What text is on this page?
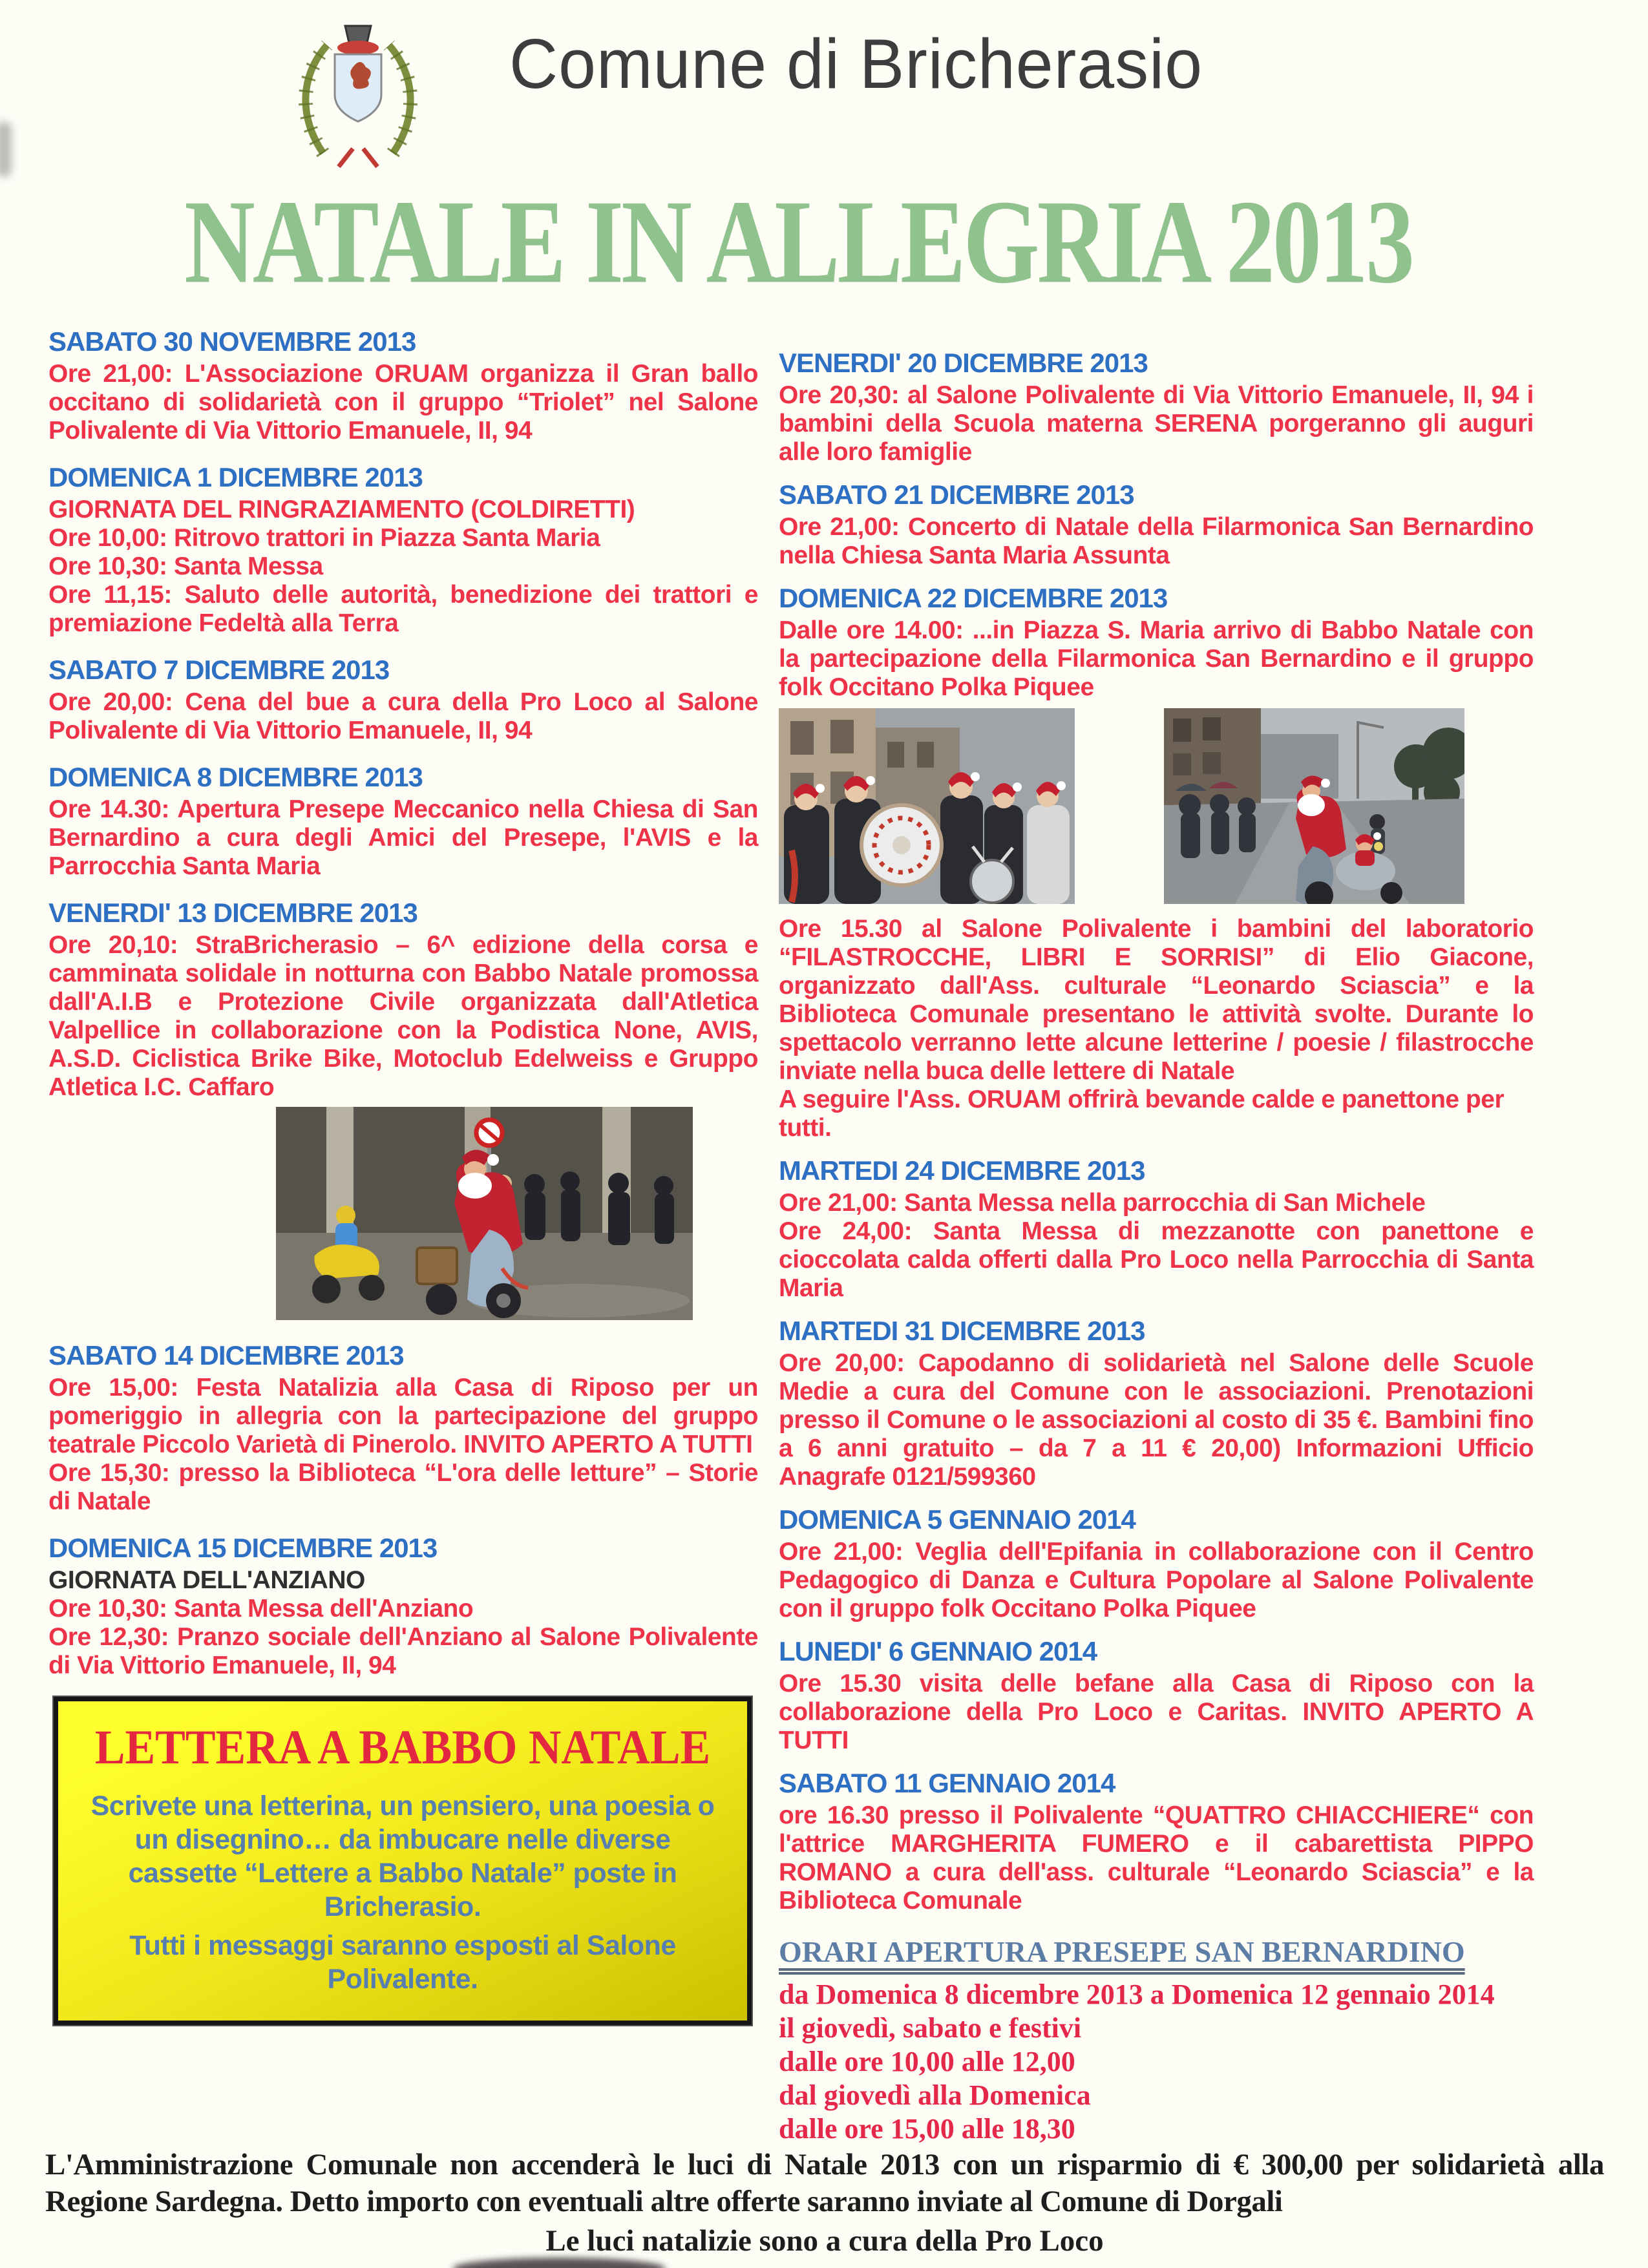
Comune di Bricherasio
NATALE IN ALLEGRIA 2013
SABATO 30 NOVEMBRE 2013

Ore 21,00: L'Associazione ORUAM organizza il Gran ballo occitano di solidarietà con il gruppo “Triolet” nel Salone Polivalente di Via Vittorio Emanuele, II, 94

DOMENICA 1 DICEMBRE 2013

GIORNATA DEL RINGRAZIAMENTO (COLDIRETTI)

Ore 10,00: Ritrovo trattori in Piazza Santa Maria

Ore 10,30: Santa Messa

Ore 11,15: Saluto delle autorità, benedizione dei trattori e premiazione Fedeltà alla Terra

SABATO 7 DICEMBRE 2013

Ore 20,00: Cena del bue a cura della Pro Loco al Salone Polivalente di Via Vittorio Emanuele, II, 94

DOMENICA 8 DICEMBRE 2013

Ore 14.30: Apertura Presepe Meccanico nella Chiesa di San Bernardino a cura degli Amici del Presepe, l'AVIS e la Parrocchia Santa Maria

VENERDI' 13 DICEMBRE 2013

Ore 20,10: StraBricherasio – 6^ edizione della corsa e camminata solidale in notturna con Babbo Natale promossa dall'A.I.B e Protezione Civile organizzata dall'Atletica Valpellice in collaborazione con la Podistica None, AVIS, A.S.D. Ciclistica Brike Bike, Motoclub Edelweiss e Gruppo Atletica I.C. Caffaro

SABATO 14 DICEMBRE 2013

Ore 15,00: Festa Natalizia alla Casa di Riposo per un pomeriggio in allegria con la partecipazione del gruppo teatrale Piccolo Varietà di Pinerolo. INVITO APERTO A TUTTI

Ore 15,30: presso la Biblioteca “L'ora delle letture” – Storie di Natale

DOMENICA 15 DICEMBRE 2013

GIORNATA DELL'ANZIANO

Ore 10,30: Santa Messa dell'Anziano

Ore 12,30: Pranzo sociale dell'Anziano al Salone Polivalente di Via Vittorio Emanuele, II, 94

LETTERA A BABBO NATALE

Scrivete una letterina, un pensiero, una poesia o un disegnino… da imbucare nelle diverse cassette “Lettere a Babbo Natale” poste in Bricherasio.

Tutti i messaggi saranno esposti al Salone Polivalente.

VENERDI' 20 DICEMBRE 2013

Ore 20,30: al Salone Polivalente di Via Vittorio Emanuele, II, 94 i bambini della Scuola materna SERENA porgeranno gli auguri alle loro famiglie

SABATO 21 DICEMBRE 2013

Ore 21,00: Concerto di Natale della Filarmonica San Bernardino nella Chiesa Santa Maria Assunta

DOMENICA 22 DICEMBRE 2013

Dalle ore 14.00: ...in Piazza S. Maria arrivo di Babbo Natale con la partecipazione della Filarmonica San Bernardino e il gruppo folk Occitano Polka Piquee

Ore 15.30 al Salone Polivalente i bambini del laboratorio “FILASTROCCHE, LIBRI E SORRISI” di Elio Giacone, organizzato dall'Ass. culturale “Leonardo Sciascia” e la Biblioteca Comunale presentano le attività svolte. Durante lo spettacolo verranno lette alcune letterine / poesie / filastrocche inviate nella buca delle lettere di Natale

A seguire l'Ass. ORUAM offrirà bevande calde e panettone per tutti.

MARTEDI 24 DICEMBRE 2013

Ore 21,00: Santa Messa nella parrocchia di San Michele

Ore 24,00: Santa Messa di mezzanotte con panettone e cioccolata calda offerti dalla Pro Loco nella Parrocchia di Santa Maria

MARTEDI 31 DICEMBRE 2013

Ore 20,00: Capodanno di solidarietà nel Salone delle Scuole Medie a cura del Comune con le associazioni. Prenotazioni presso il Comune o le associazioni al costo di 35 €. Bambini fino a 6 anni gratuito – da 7 a 11 € 20,00) Informazioni Ufficio Anagrafe 0121/599360

DOMENICA 5 GENNAIO 2014

Ore 21,00: Veglia dell'Epifania in collaborazione con il Centro Pedagogico di Danza e Cultura Popolare al Salone Polivalente con il gruppo folk Occitano Polka Piquee

LUNEDI' 6 GENNAIO 2014

Ore 15.30 visita delle befane alla Casa di Riposo con la collaborazione della Pro Loco e Caritas. INVITO APERTO A TUTTI

SABATO 11 GENNAIO 2014

ore 16.30 presso il Polivalente “QUATTRO CHIACCHIERE“ con l'attrice MARGHERITA FUMERO e il cabarettista PIPPO ROMANO a cura dell'ass. culturale “Leonardo Sciascia” e la Biblioteca Comunale

ORARI APERTURA PRESEPE SAN BERNARDINO

da Domenica 8 dicembre 2013 a Domenica 12 gennaio 2014

il giovedì, sabato e festivi

dalle ore 10,00 alle 12,00

dal giovedì alla Domenica

dalle ore 15,00 alle 18,30

L'Amministrazione Comunale non accenderà le luci di Natale 2013 con un risparmio di € 300,00 per solidarietà alla Regione Sardegna. Detto importo con eventuali altre offerte saranno inviate al Comune di Dorgali

Le luci natalizie sono a cura della Pro Loco
